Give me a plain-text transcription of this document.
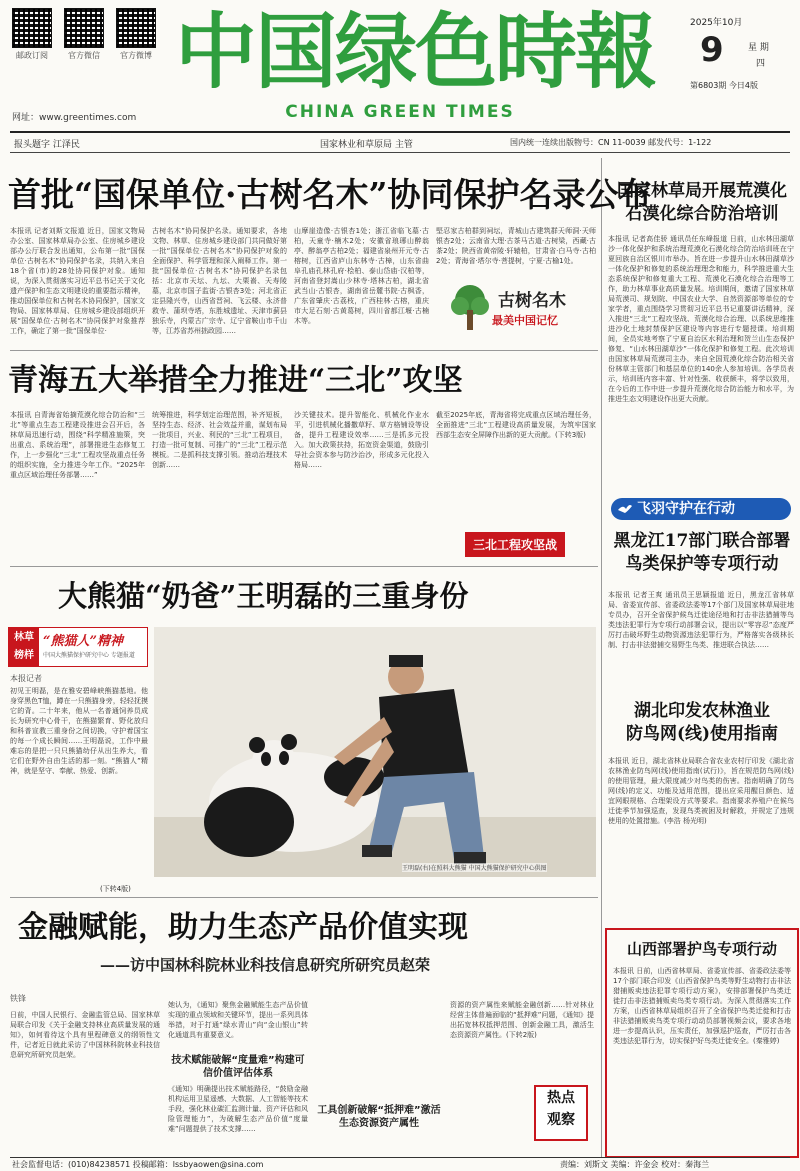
邮政订阅	官方微信	官方微博
网址：www.greentimes.com
中国绿色時報
CHINA GREEN TIMES
2025年10月
9	星 期
四
第6803期 今日4版
报头题字 江泽民	国家林业和草原局 主管	国内统一连续出版物号：CN 11-0039 邮发代号：1-122
首批“国保单位·古树名木”协同保护名录公布
本报讯 记者刘斯文报道 近日，国家文物局办公室、国家林草局办公室、住房城乡建设部办公厅联合发出通知，公布第一批“国保单位·古树名木”协同保护名录，共纳入来自18个省(市)的28处协同保护对象。通知说，为深入贯彻落实习近平总书记关于文化遗产保护和生态文明建设的重要指示精神，推动国保单位和古树名木协同保护，国家文物局、国家林草局、住房城乡建设部组织开展“国保单位·古树名木”协同保护对象推荐工作，确定了第一批“国保单位·
古树名木”协同保护名录。通知要求，各地文物、林草、住房城乡建设部门共同做好第一批“国保单位·古树名木”协同保护对象的全面保护、科学管理和深入阐释工作。第一批“国保单位·古树名木”协同保护名录包括：北京市天坛、九坛、大栗嵛、天寿陵墓，北京市国子监街·古银杏3处；河北省正定县隆兴寺，山西省晋祠、飞云楼、永济普救寺、蒲坝寺塔，东胜城遗址、天津市蓟县独乐寺，内蒙古广宗寺、辽宁省鞍山市千山等，江苏省苏州拙政园……
山摩崖造像·古银杏1处；浙江省临飞墓·古柏，天童寺·楠木2处；安徽省琅琊山醉翁亭、醉翁亭古柏2处；福建省泉州开元寺·古榕树，江西省庐山东林寺·古樟，山东省曲阜孔庙孔林孔府·桧柏、泰山岱庙·汉柏等，河南省登封嵩山少林寺·塔林古柏，湖北省武当山·古银杏，湖南省岳麓书院·古枫香，广东省肇庆·古荔枝，广西桂林·古榕，重庆市大足石刻·古黄葛树，四川省都江堰·古楠木等。
堅忍家古柏群到祠坛，青城山古建筑群天师洞·天师银杏2处；云南省大理·古茶马古道·古树梁，西藏·古茶2处；陕西省黄帝陵·轩辕柏，甘肃省·白马寺·古柏2处；青海省·塔尔寺·菩提树，宁夏·古榆1处。
古树名木
最美中国记忆
国家林草局开展荒漠化
石漠化综合防治培训
本报讯 记者高佳骄 通讯员任东峰报道 日前，山水林田湖草沙一体化保护和系统治理荒漠化石漠化综合防治培训班在宁夏回族自治区银川市举办。旨在进一步提升山水林田湖草沙一体化保护和修复的系统治理理念和能力，科学推进重大生态系统保护和修复重大工程、荒漠化石漠化综合治理等工作，助力林草事业高质量发展。培训期间，邀请了国家林草局荒漠司、规划院、中国农业大学、自然资源部等单位的专家学者，重点围绕学习贯彻习近平总书记重要讲话精神，深入推进“三北”工程攻坚战、荒漠化综合治理、以系统思维推进沙化土地封禁保护区建设等内容进行专题授课。培训期间，全员实地考察了宁夏自治区水利治理和贺兰山生态保护修复、“山水林田湖草沙”一体化保护和修复工程。此次培训由国家林草局荒漠司主办，来自全国荒漠化综合防治相关省份林草主管部门和基层单位的140余人参加培训。各学员表示，培训班内容丰富、针对性强、收获颇丰，将学以致用，在今后的工作中进一步提升荒漠化综合防治能力和水平，为推进生态文明建设作出更大贡献。
青海五大举措全力推进“三北”攻坚
本报讯 自青海省始摘荒漠化综合防治和“三北”等重点生态工程建设推进会召开后，各林草局迅速行动，围绕“科学精准施策，突出重点、系统治理”，部署推进生态修复工作，上一步强化“三北”工程攻坚战重点任务的组织实施，全力推进今年工作。“2025年重点区域治理任务部署……”
统筹推进，科学划定治理范围，补齐短板，坚持生态、经济、社会效益并重，谋划布局一批项目，兴业、利民的“三北”工程项目，打造一批可复制、可推广的“三北”工程示范模板。二是抓科技支撑引领。推动治理技术创新……
沙关键技术。提升智能化、机械化作业水平，引进机械化播撒草籽、草方格铺设等设备，提升工程建设效率……三是抓多元投入。加大政策扶持，拓宽资金渠道，鼓励引导社会资本参与防沙治沙，形成多元化投入格局……
截至2025年底，青海省将完成重点区域治理任务，全面推进“三北”工程建设高质量发展，为筑牢国家西部生态安全屏障作出新的更大贡献。(下转3版)
三北工程攻坚战
飞羽守护在行动
黑龙江17部门联合部署
鸟类保护等专项行动
本报讯 记者王爽 通讯员王思颖报道 近日，黑龙江省林草局、省委宣传部、省委政法委等17个部门及国家林草局驻地专员办，召开全省保护候鸟迁徙途径地和打击非法猎捕等鸟类违法犯罪行为专项行动部署会议，提出以“零容忍”态度严厉打击破坏野生动物资源违法犯罪行为，严格落实各级林长制、打击非法猎捕交易野生鸟类、推进联合执法……
大熊猫“奶爸”王明磊的三重身份
林草
榜样
“熊猫人”精神
中国大熊猫保护研究中心 专题报道
本报记者
初见王明磊，是在雅安碧峰峡熊猫基地。他身穿黑色T恤，蹲在一只熊猫身旁，轻轻抚摸它的背。二十年来，他从一名普通饲养员成长为研究中心骨干，在熊猫繁育、野化放归和科普宣教三重身份之间切换，守护着国宝的每一个成长瞬间……王明磊说，工作中最难忘的是把一只只熊猫幼仔从出生养大，看它们在野外自由生活的那一刻。“熊猫人”精神，就是坚守、奉献、热爱、创新。
王明磊(右)在照料大熊猫 中国大熊猫保护研究中心供图
(下转4版)
湖北印发农林渔业
防鸟网(线)使用指南
本报讯 近日，湖北省林业局联合省农业农村厅印发《湖北省农林渔业防鸟网(线)使用指南(试行)》，旨在规范防鸟网(线)的使用管理，最大限度减少对鸟类的伤害。指南明确了防鸟网(线)的定义、功能及适用范围，提出应采用醒目颜色、适宜网眼规格、合理架设方式等要求。指南要求养殖户在候鸟迁徙季节加强巡查，发现鸟类被困及时解救，并规定了违规使用的处置措施。(李浩 杨光明)
金融赋能，助力生态产品价值实现
——访中国林科院林业科技信息研究所研究员赵荣
铁锋
日前，中国人民银行、金融监管总局、国家林草局联合印发《关于金融支持林业高质量发展的通知》，如何看待这个具有里程碑意义的纲领性文件，记者近日就此采访了中国林科院林业科技信息研究所研究员赵荣。
她认为，《通知》聚焦金融赋能生态产品价值实现的重点领域和关键环节，提出一系列具体举措，对于打通“绿水青山”向“金山银山”转化通道具有重要意义。
技术赋能破解“度量难”构建可信价值评估体系
《通知》明确提出技术赋能路径，“鼓励金融机构运用卫星遥感、大数据、人工智能等技术手段，强化林业碳汇监测计量、资产评估和风险管理能力”，为破解生态产品价值“度量难”问题提供了技术支撑……
工具创新破解“抵押难”激活生态资源资产属性
资源的资产属性来赋能金融创新……针对林业经营主体普遍面临的“抵押难”问题，《通知》提出拓宽林权抵押范围、创新金融工具，激活生态资源资产属性。(下转2版)
热点
观察
山西部署护鸟专项行动
本报讯 日前，山西省林草局、省委宣传部、省委政法委等17个部门联合印发《山西省保护鸟类等野生动物打击非法猎捕贩卖违法犯罪专项行动方案》，安排部署保护鸟类迁徙打击非法猎捕贩卖鸟类专项行动。为深入贯彻落实工作方案，山西省林草局组织召开了全省保护鸟类迁徙和打击非法猎捕贩卖鸟类专项行动动员部署视频会议，要求各地进一步提高认识，压实责任，加强巡护巡查，严厉打击各类违法犯罪行为，切实保护好鸟类迁徙安全。(秦雅婷)
社会监督电话：(010)84238571 投稿邮箱：lssbyaowen@sina.com	责编：刘斯文 美编：许金会 校对：秦海兰
